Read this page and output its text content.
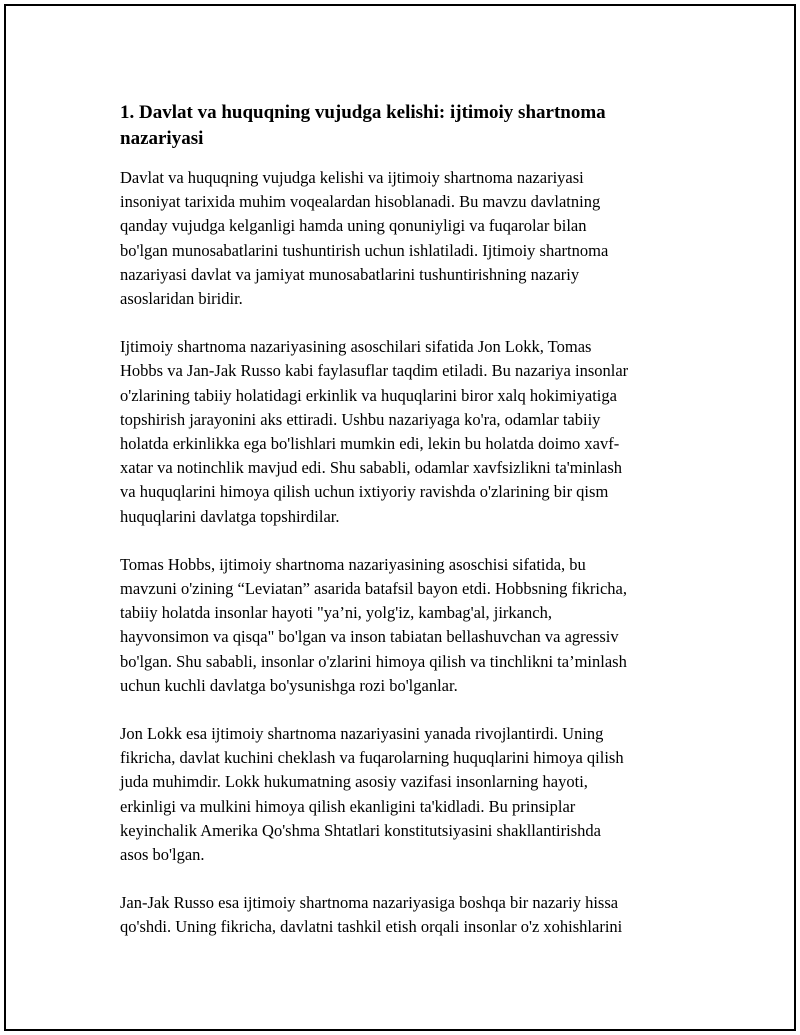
1. Davlat va huquqning vujudga kelishi: ijtimoiy shartnoma
nazariyasi

Davlat va huquqning vujudga kelishi va ijtimoiy shartnoma nazariyasi
insoniyat tarixida muhim voqealardan hisoblanadi. Bu mavzu davlatning
qanday vujudga kelganligi hamda uning qonuniyligi va fuqarolar bilan
bo'lgan munosabatlarini tushuntirish uchun ishlatiladi. Ijtimoiy shartnoma
nazariyasi davlat va jamiyat munosabatlarini tushuntirishning nazariy
asoslaridan biridir.

Ijtimoiy shartnoma nazariyasining asoschilari sifatida Jon Lokk, Tomas
Hobbs va Jan-Jak Russo kabi faylasuflar taqdim etiladi. Bu nazariya insonlar
o'zlarining tabiiy holatidagi erkinlik va huquqlarini biror xalq hokimiyatiga
topshirish jarayonini aks ettiradi. Ushbu nazariyaga ko'ra, odamlar tabiiy
holatda erkinlikka ega bo'lishlari mumkin edi, lekin bu holatda doimo xavf-
xatar va notinchlik mavjud edi. Shu sababli, odamlar xavfsizlikni ta'minlash
va huquqlarini himoya qilish uchun ixtiyoriy ravishda o'zlarining bir qism
huquqlarini davlatga topshirdilar.

Tomas Hobbs, ijtimoiy shartnoma nazariyasining asoschisi sifatida, bu
mavzuni o'zining “Leviatan” asarida batafsil bayon etdi. Hobbsning fikricha,
tabiiy holatda insonlar hayoti "ya’ni, yolg'iz, kambag'al, jirkanch,
hayvonsimon va qisqa" bo'lgan va inson tabiatan bellashuvchan va agressiv
bo'lgan. Shu sababli, insonlar o'zlarini himoya qilish va tinchlikni ta’minlash
uchun kuchli davlatga bo'ysunishga rozi bo'lganlar.

Jon Lokk esa ijtimoiy shartnoma nazariyasini yanada rivojlantirdi. Uning
fikricha, davlat kuchini cheklash va fuqarolarning huquqlarini himoya qilish
juda muhimdir. Lokk hukumatning asosiy vazifasi insonlarning hayoti,
erkinligi va mulkini himoya qilish ekanligini ta'kidladi. Bu prinsiplar
keyinchalik Amerika Qo'shma Shtatlari konstitutsiyasini shakllantirishda
asos bo'lgan.

Jan-Jak Russo esa ijtimoiy shartnoma nazariyasiga boshqa bir nazariy hissa
qo'shdi. Uning fikricha, davlatni tashkil etish orqali insonlar o'z xohishlarini
